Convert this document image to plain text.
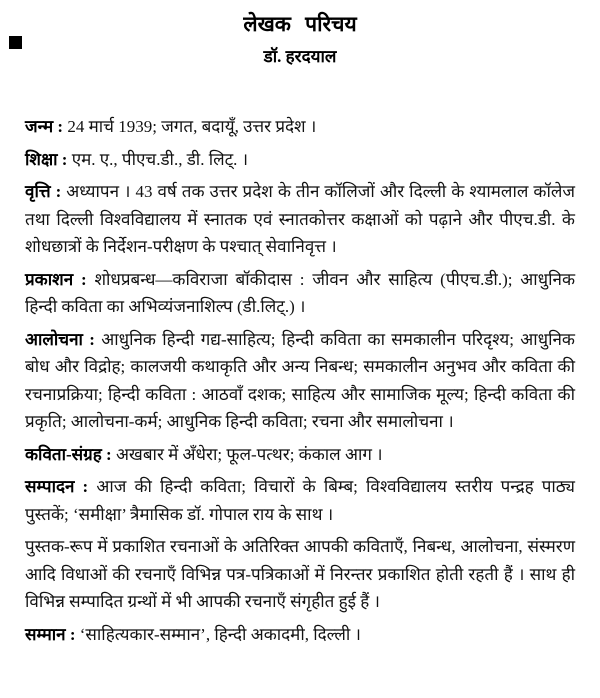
लेखक परिचय
डॉ. हरदयाल

जन्म : 24 मार्च 1939; जगत, बदायूँ, उत्तर प्रदेश ।

शिक्षा : एम. ए., पीएच.डी., डी. लिट्. ।

वृत्ति : अध्यापन । 43 वर्ष तक उत्तर प्रदेश के तीन कॉलिजों और दिल्ली के श्यामलाल कॉलेज तथा दिल्ली विश्वविद्यालय में स्नातक एवं स्नातकोत्तर कक्षाओं को पढ़ाने और पीएच.डी. के शोधछात्रों के निर्देशन-परीक्षण के पश्चात् सेवानिवृत्त ।

प्रकाशन : शोधप्रबन्ध—कविराजा बॉकीदास : जीवन और साहित्य (पीएच.डी.); आधुनिक हिन्दी कविता का अभिव्यंजनाशिल्प (डी.लिट्.) ।

आलोचना : आधुनिक हिन्दी गद्य-साहित्य; हिन्दी कविता का समकालीन परिदृश्य; आधुनिक बोध और विद्रोह; कालजयी कथाकृति और अन्य निबन्ध; समकालीन अनुभव और कविता की रचनाप्रक्रिया; हिन्दी कविता : आठवाँ दशक; साहित्य और सामाजिक मूल्य; हिन्दी कविता की प्रकृति; आलोचना-कर्म; आधुनिक हिन्दी कविता; रचना और समालोचना ।

कविता-संग्रह : अखबार में अँधेरा; फूल-पत्थर; कंकाल आग ।

सम्पादन : आज की हिन्दी कविता; विचारों के बिम्ब; विश्वविद्यालय स्तरीय पन्द्रह पाठ्य पुस्तकें; ‘समीक्षा’ त्रैमासिक डॉ. गोपाल राय के साथ ।

पुस्तक-रूप में प्रकाशित रचनाओं के अतिरिक्त आपकी कविताएँ, निबन्ध, आलोचना, संस्मरण आदि विधाओं की रचनाएँ विभिन्न पत्र-पत्रिकाओं में निरन्तर प्रकाशित होती रहती हैं । साथ ही विभिन्न सम्पादित ग्रन्थों में भी आपकी रचनाएँ संगृहीत हुई हैं ।

सम्मान : ‘साहित्यकार-सम्मान’, हिन्दी अकादमी, दिल्ली ।
